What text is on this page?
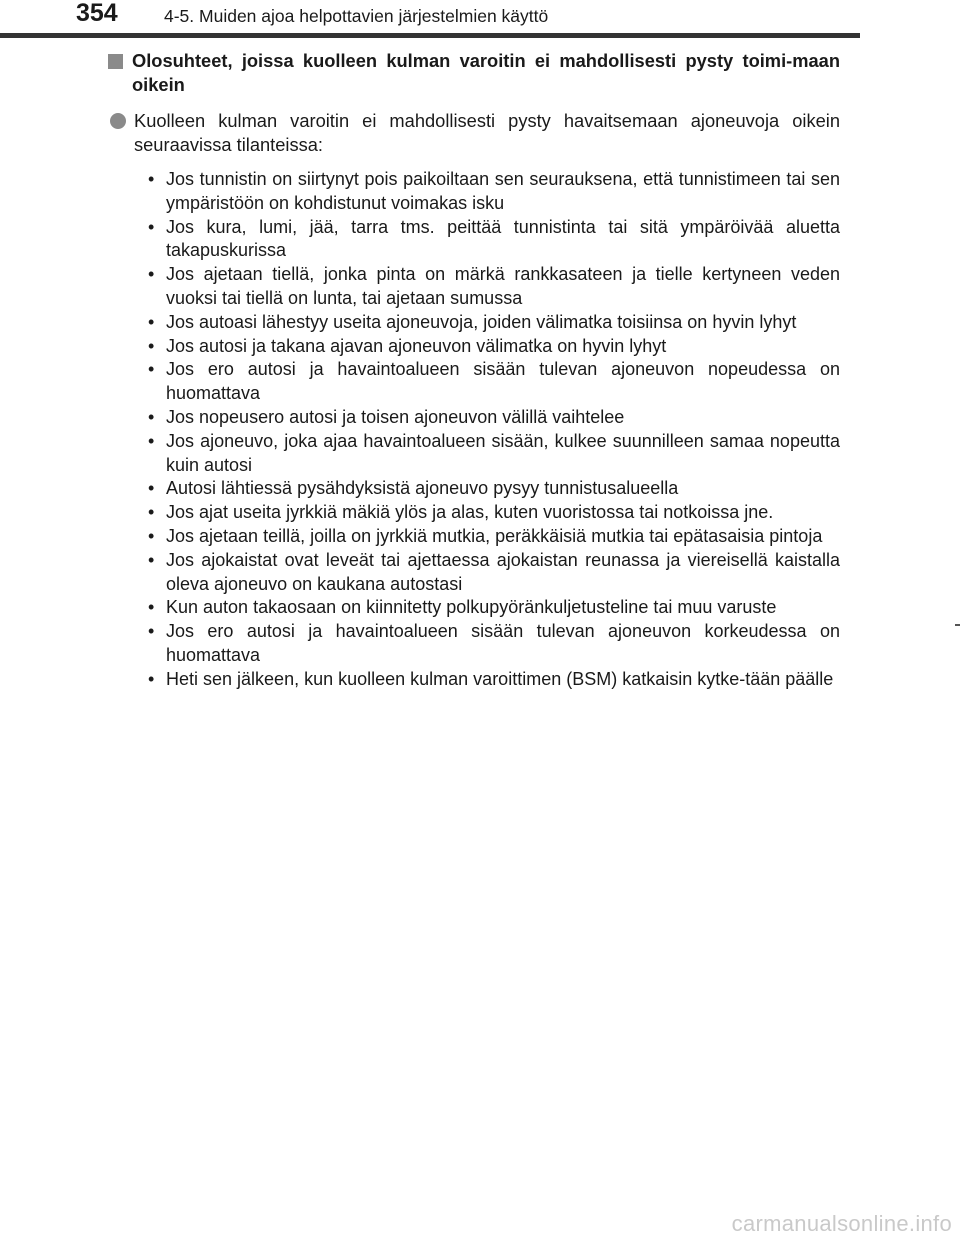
354	4-5. Muiden ajoa helpottavien järjestelmien käyttö
Olosuhteet, joissa kuolleen kulman varoitin ei mahdollisesti pysty toimi-maan oikein
Kuolleen kulman varoitin ei mahdollisesti pysty havaitsemaan ajoneuvoja oikein seuraavissa tilanteissa:
• Jos tunnistin on siirtynyt pois paikoiltaan sen seurauksena, että tunnistimeen tai sen ympäristöön on kohdistunut voimakas isku
• Jos kura, lumi, jää, tarra tms. peittää tunnistinta tai sitä ympäröivää aluetta takapuskurissa
• Jos ajetaan tiellä, jonka pinta on märkä rankkasateen ja tielle kertyneen veden vuoksi tai tiellä on lunta, tai ajetaan sumussa
• Jos autoasi lähestyy useita ajoneuvoja, joiden välimatka toisiinsa on hyvin lyhyt
• Jos autosi ja takana ajavan ajoneuvon välimatka on hyvin lyhyt
• Jos ero autosi ja havaintoalueen sisään tulevan ajoneuvon nopeudessa on huomattava
• Jos nopeusero autosi ja toisen ajoneuvon välillä vaihtelee
• Jos ajoneuvo, joka ajaa havaintoalueen sisään, kulkee suunnilleen samaa nopeutta kuin autosi
• Autosi lähtiessä pysähdyksistä ajoneuvo pysyy tunnistusalueella
• Jos ajat useita jyrkkiä mäkiä ylös ja alas, kuten vuoristossa tai notkoissa jne.
• Jos ajetaan teillä, joilla on jyrkkiä mutkia, peräkkäisiä mutkia tai epätasaisia pintoja
• Jos ajokaistat ovat leveät tai ajettaessa ajokaistan reunassa ja viereisellä kaistalla oleva ajoneuvo on kaukana autostasi
• Kun auton takaosaan on kiinnitetty polkupyöränkuljetusteline tai muu varuste
• Jos ero autosi ja havaintoalueen sisään tulevan ajoneuvon korkeudessa on huomattava
• Heti sen jälkeen, kun kuolleen kulman varoittimen (BSM) katkaisin kytke-tään päälle
carmanualsonline.info
